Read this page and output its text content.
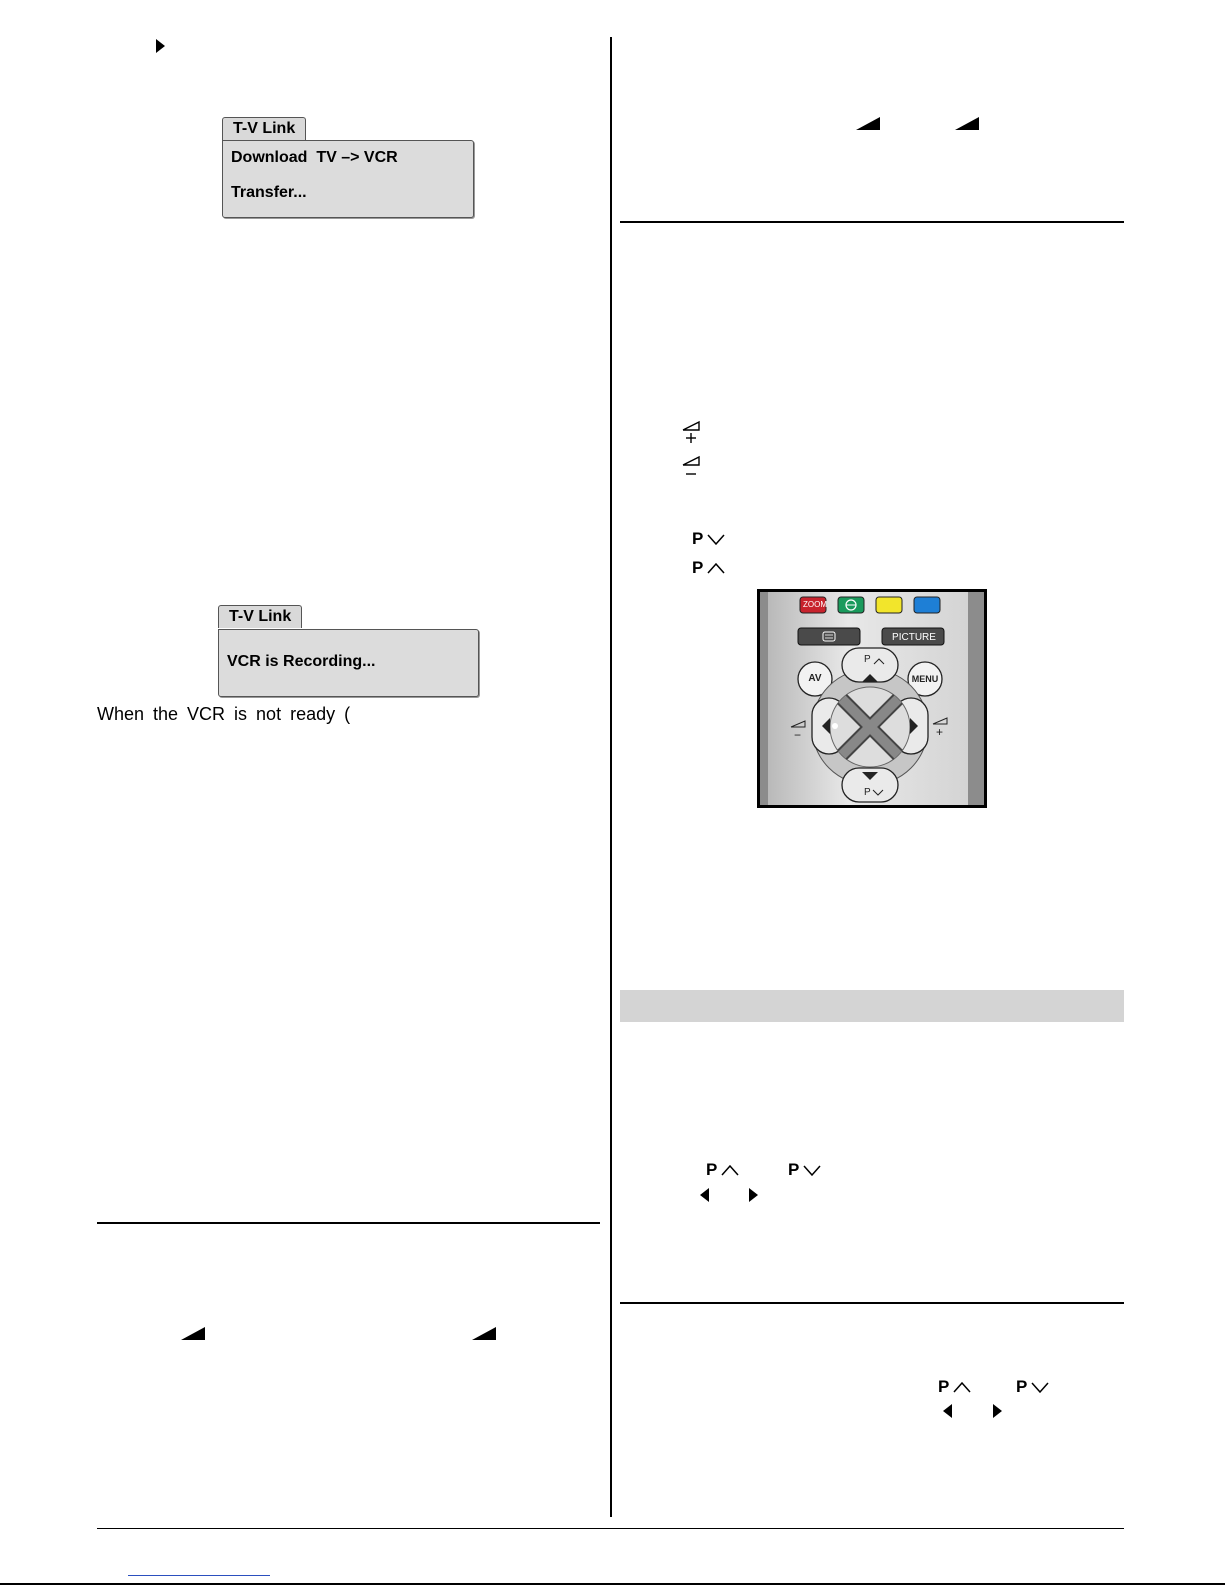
T-V Link
Download  TV –> VCR
Transfer...
T-V Link
VCR is Recording...
When the VCR is not ready (
P
P
ZOOM
PICTURE
AV	MENU
P
P
−	+
P	P
P	P
